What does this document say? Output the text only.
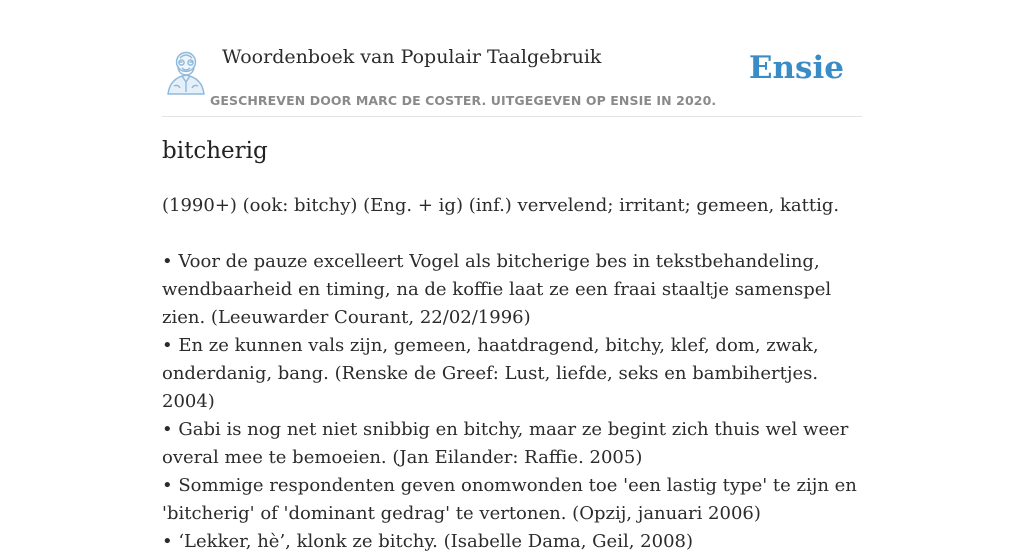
Woordenboek van Populair Taalgebruik
GESCHREVEN DOOR MARC DE COSTER. UITGEGEVEN OP ENSIE IN 2020.
Ensie
bitcherig

(1990+) (ook: bitchy) (Eng. + ig) (inf.) vervelend; irritant; gemeen, kattig.

• Voor de pauze excelleert Vogel als bitcherige bes in tekstbehandeling, wendbaarheid en timing, na de koffie laat ze een fraai staaltje samenspel zien. (Leeuwarder Courant, 22/02/1996)

• En ze kunnen vals zijn, gemeen, haatdragend, bitchy, klef, dom, zwak, onderdanig, bang. (Renske de Greef: Lust, liefde, seks en bambihertjes. 2004)

• Gabi is nog net niet snibbig en bitchy, maar ze begint zich thuis wel weer overal mee te bemoeien. (Jan Eilander: Raffie. 2005)

• Sommige respondenten geven onomwonden toe 'een lastig type' te zijn en 'bitcherig' of 'dominant gedrag' te vertonen. (Opzij, januari 2006)

• ‘Lekker, hè’, klonk ze bitchy. (Isabelle Dama, Geil, 2008)
